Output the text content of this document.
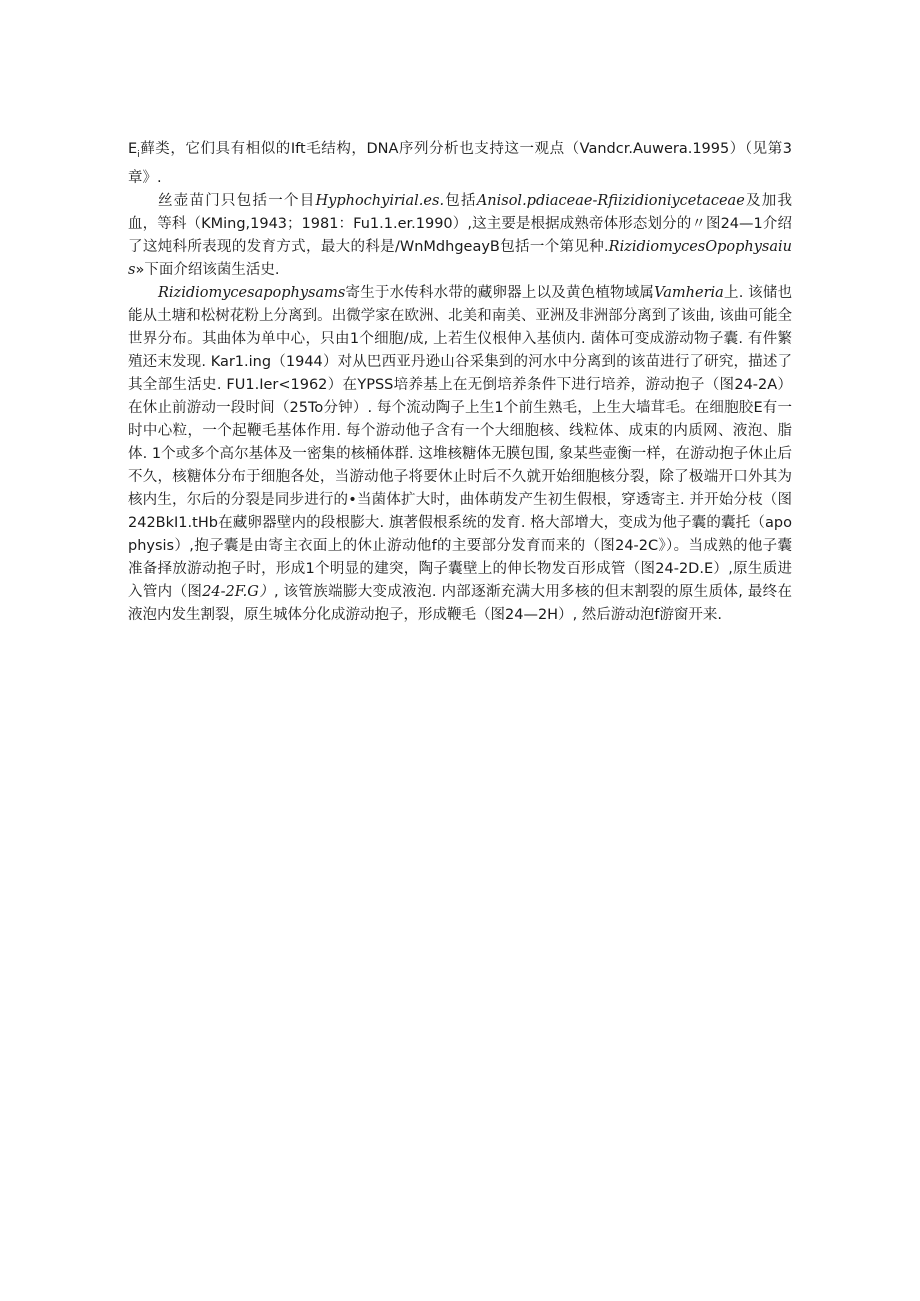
$E_i$藓类，它们具有相似的Ift毛结构，DNA序列分析也支持这一观点（Vandcr.Auwera.1995）（见第3章》.

丝壶苗门只包括一个目Hyphochyirial.es.包括Anisol.pdiaceae-Rfiizidioniycetaceae及加我血，等科（KMing,1943；1981：Fu1.1.er.1990）,这主要是根据成熟帝体形态划分的〃图24—1介绍了这炖科所表现的发育方式，最大的科是/WnMdhgeayB包括一个第见种.RizidiomycesOpophysaius»下面介绍该菌生活史.

Rizidiomycesapophysams寄生于水传科水带的藏卵器上以及黄色植物域属Vamheria上. 该储也能从土塘和松树花粉上分离到。出微学家在欧洲、北美和南美、亚洲及非洲部分离到了该曲, 该曲可能全世界分布。其曲体为单中心，只由1个细胞/成, 上若生仪根伸入基侦内. 菌体可变成游动物子囊. 有件繁殖还末发现. Kar1.ing（1944）对从巴西亚丹逊山谷采集到的河水中分离到的该苗进行了研究，描述了其全部生活史. FU1.Ier<1962）在YPSS培养基上在无倒培养条件下进行培养，游动抱子（图24-2A）在休止前游动一段时间（25To分钟）. 每个流动陶子上生1个前生熟毛，上生大墙茸毛。在细胞胶E有一时中心粒，一个起鞭毛基体作用. 每个游动他子含有一个大细胞核、线粒体、成束的内质网、液泡、脂体. 1个或多个高尔基体及一密集的核桶体群. 这堆核糖体无膜包围, 象某些壶衡一样，在游动抱子休止后不久，核糖体分布于细胞各处，当游动他子将要休止时后不久就开始细胞核分裂，除了极端开口外其为核内生，尔后的分裂是同步进行的•当菌体扩大时，曲体萌发产生初生假根，穿透寄主. 并开始分枝（图242BkI1.tHb在藏卵器壁内的段根膨大. 旗著假根系统的发育. 格大部增大，变成为他子囊的囊托（apophysis）,抱子囊是由寄主衣面上的休止游动他f的主要部分发育而来的（图24-2C》）。当成熟的他子囊准备择放游动抱子时，形成1个明显的建突，陶子囊壁上的伸长物发百形成管（图24-2D.E）,原生质进入管内（图24-2F.G）, 该管族端膨大变成液泡. 内部逐渐充满大用多核的但末割裂的原生质体, 最终在液泡内发生割裂，原生城体分化成游动抱子，形成鞭毛（图24—2H）, 然后游动泡f游窗开来.
